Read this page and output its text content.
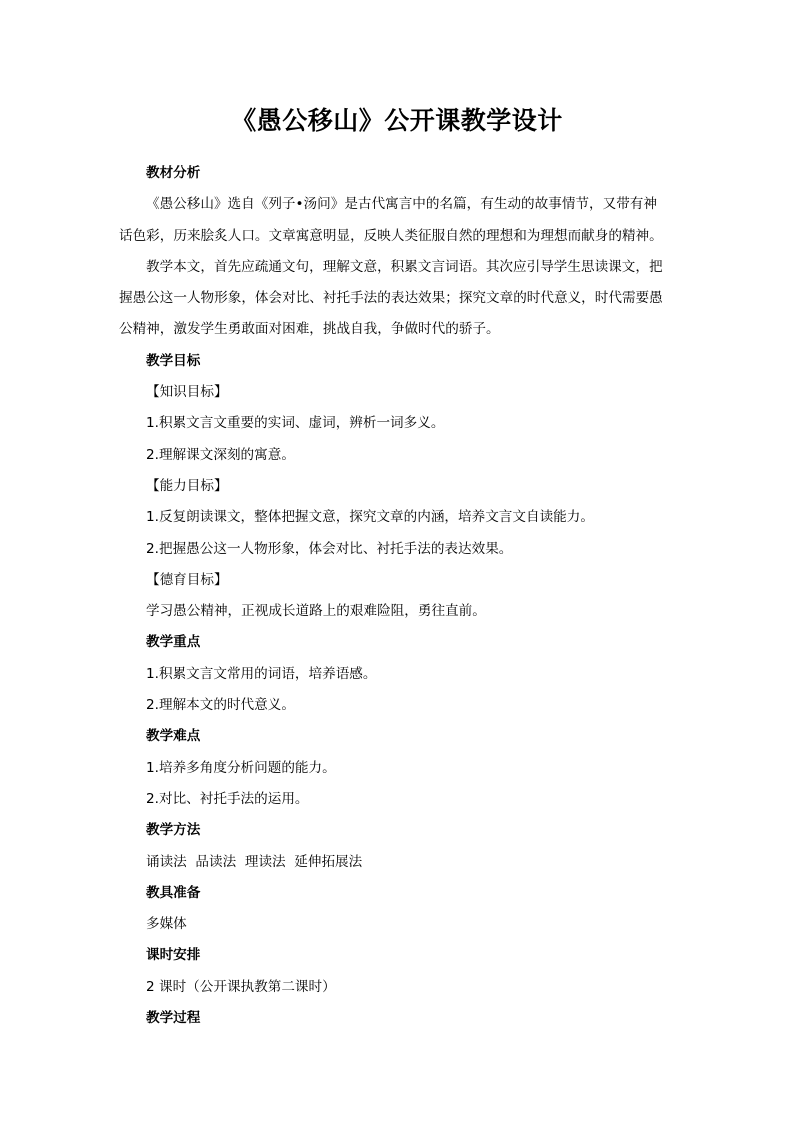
《愚公移山》公开课教学设计
教材分析
《愚公移山》选自《列子•汤问》是古代寓言中的名篇，有生动的故事情节，又带有神
话色彩，历来脍炙人口。文章寓意明显，反映人类征服自然的理想和为理想而献身的精神。
教学本文，首先应疏通文句，理解文意，积累文言词语。其次应引导学生思读课文，把
握愚公这一人物形象，体会对比、衬托手法的表达效果；探究文章的时代意义，时代需要愚
公精神，激发学生勇敢面对困难，挑战自我，争做时代的骄子。
教学目标
【知识目标】
1.积累文言文重要的实词、虚词，辨析一词多义。
2.理解课文深刻的寓意。
【能力目标】
1.反复朗读课文，整体把握文意，探究文章的内涵，培养文言文自读能力。
2.把握愚公这一人物形象，体会对比、衬托手法的表达效果。
【德育目标】
学习愚公精神，正视成长道路上的艰难险阻，勇往直前。
教学重点
1.积累文言文常用的词语，培养语感。
2.理解本文的时代意义。
教学难点
1.培养多角度分析问题的能力。
2.对比、衬托手法的运用。
教学方法
诵读法  品读法  理读法  延伸拓展法
教具准备
多媒体
课时安排
2 课时（公开课执教第二课时）
教学过程
